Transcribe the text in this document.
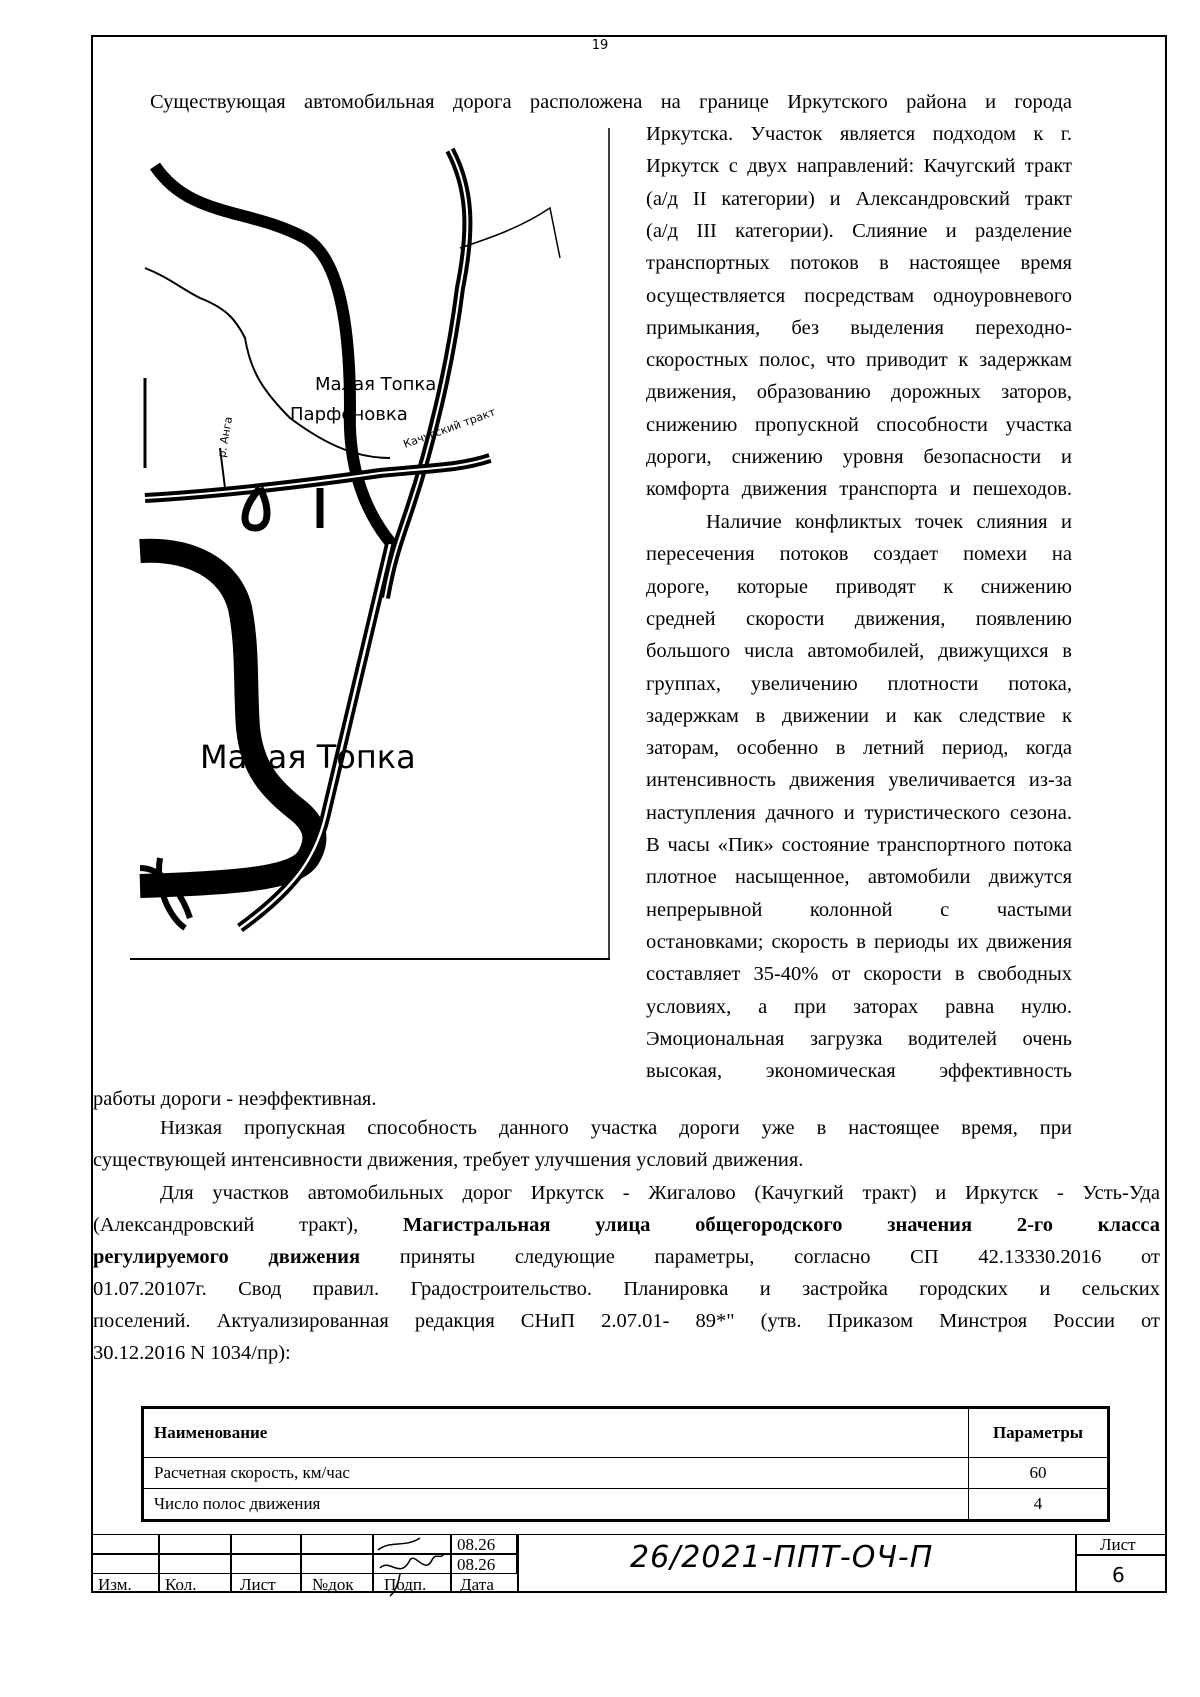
19
Существующая автомобильная дорога расположена на границе Иркутского района и города
Иркутска. Участок является подходом к г.
Иркутск с двух направлений: Качугский тракт
(а/д II категории) и Александровский тракт
(а/д III категории). Слияние и разделение
транспортных потоков в настоящее время
осуществляется посредствам одноуровневого
примыкания, без выделения переходно-
скоростных полос, что приводит к задержкам
движения, образованию дорожных заторов,
снижению пропускной способности участка
дороги, снижению уровня безопасности и
комфорта движения транспорта и пешеходов.
Наличие конфликтых точек слияния и
пересечения потоков создает помехи на
дороге, которые приводят к снижению
средней скорости движения, появлению
большого числа автомобилей, движущихся в
группах, увеличению плотности потока,
задержкам в движении и как следствие к
заторам, особенно в летний период, когда
интенсивность движения увеличивается из-за
наступления дачного и туристического сезона.
В часы «Пик» состояние транспортного потока
плотное насыщенное, автомобили движутся
непрерывной колонной с частыми
остановками; скорость в периоды их движения
составляет 35-40% от скорости в свободных
условиях, а при заторах равна нулю.
Эмоциональная загрузка водителей очень
высокая, экономическая эффективность
работы дороги - неэффективная.
Низкая пропускная способность данного участка дороги уже в настоящее время, при
существующей интенсивности движения, требует улучшения условий движения.
Для участков автомобильных дорог Иркутск - Жигалово (Качугкий тракт) и Иркутск - Усть-Уда
(Александровский тракт), Магистральная улица общегородского значения 2-го класса
регулируемого движения приняты следующие параметры, согласно СП 42.13330.2016 от
01.07.20107г. Свод правил. Градостроительство. Планировка и застройка городских и сельских
поселений. Актуализированная редакция СНиП 2.07.01- 89*" (утв. Приказом Минстроя России от
30.12.2016 N 1034/пр):
Малая Топка
Парфеновка
р. Анга	Качугский тракт
Малая Топка
Наименование	Параметры
Расчетная скорость, км/час	60
Число полос движения	4
08.26
08.26
Изм. Кол.	Лист №док Подп. Дата
26/2021-ППТ-ОЧ-П	Лист
6
